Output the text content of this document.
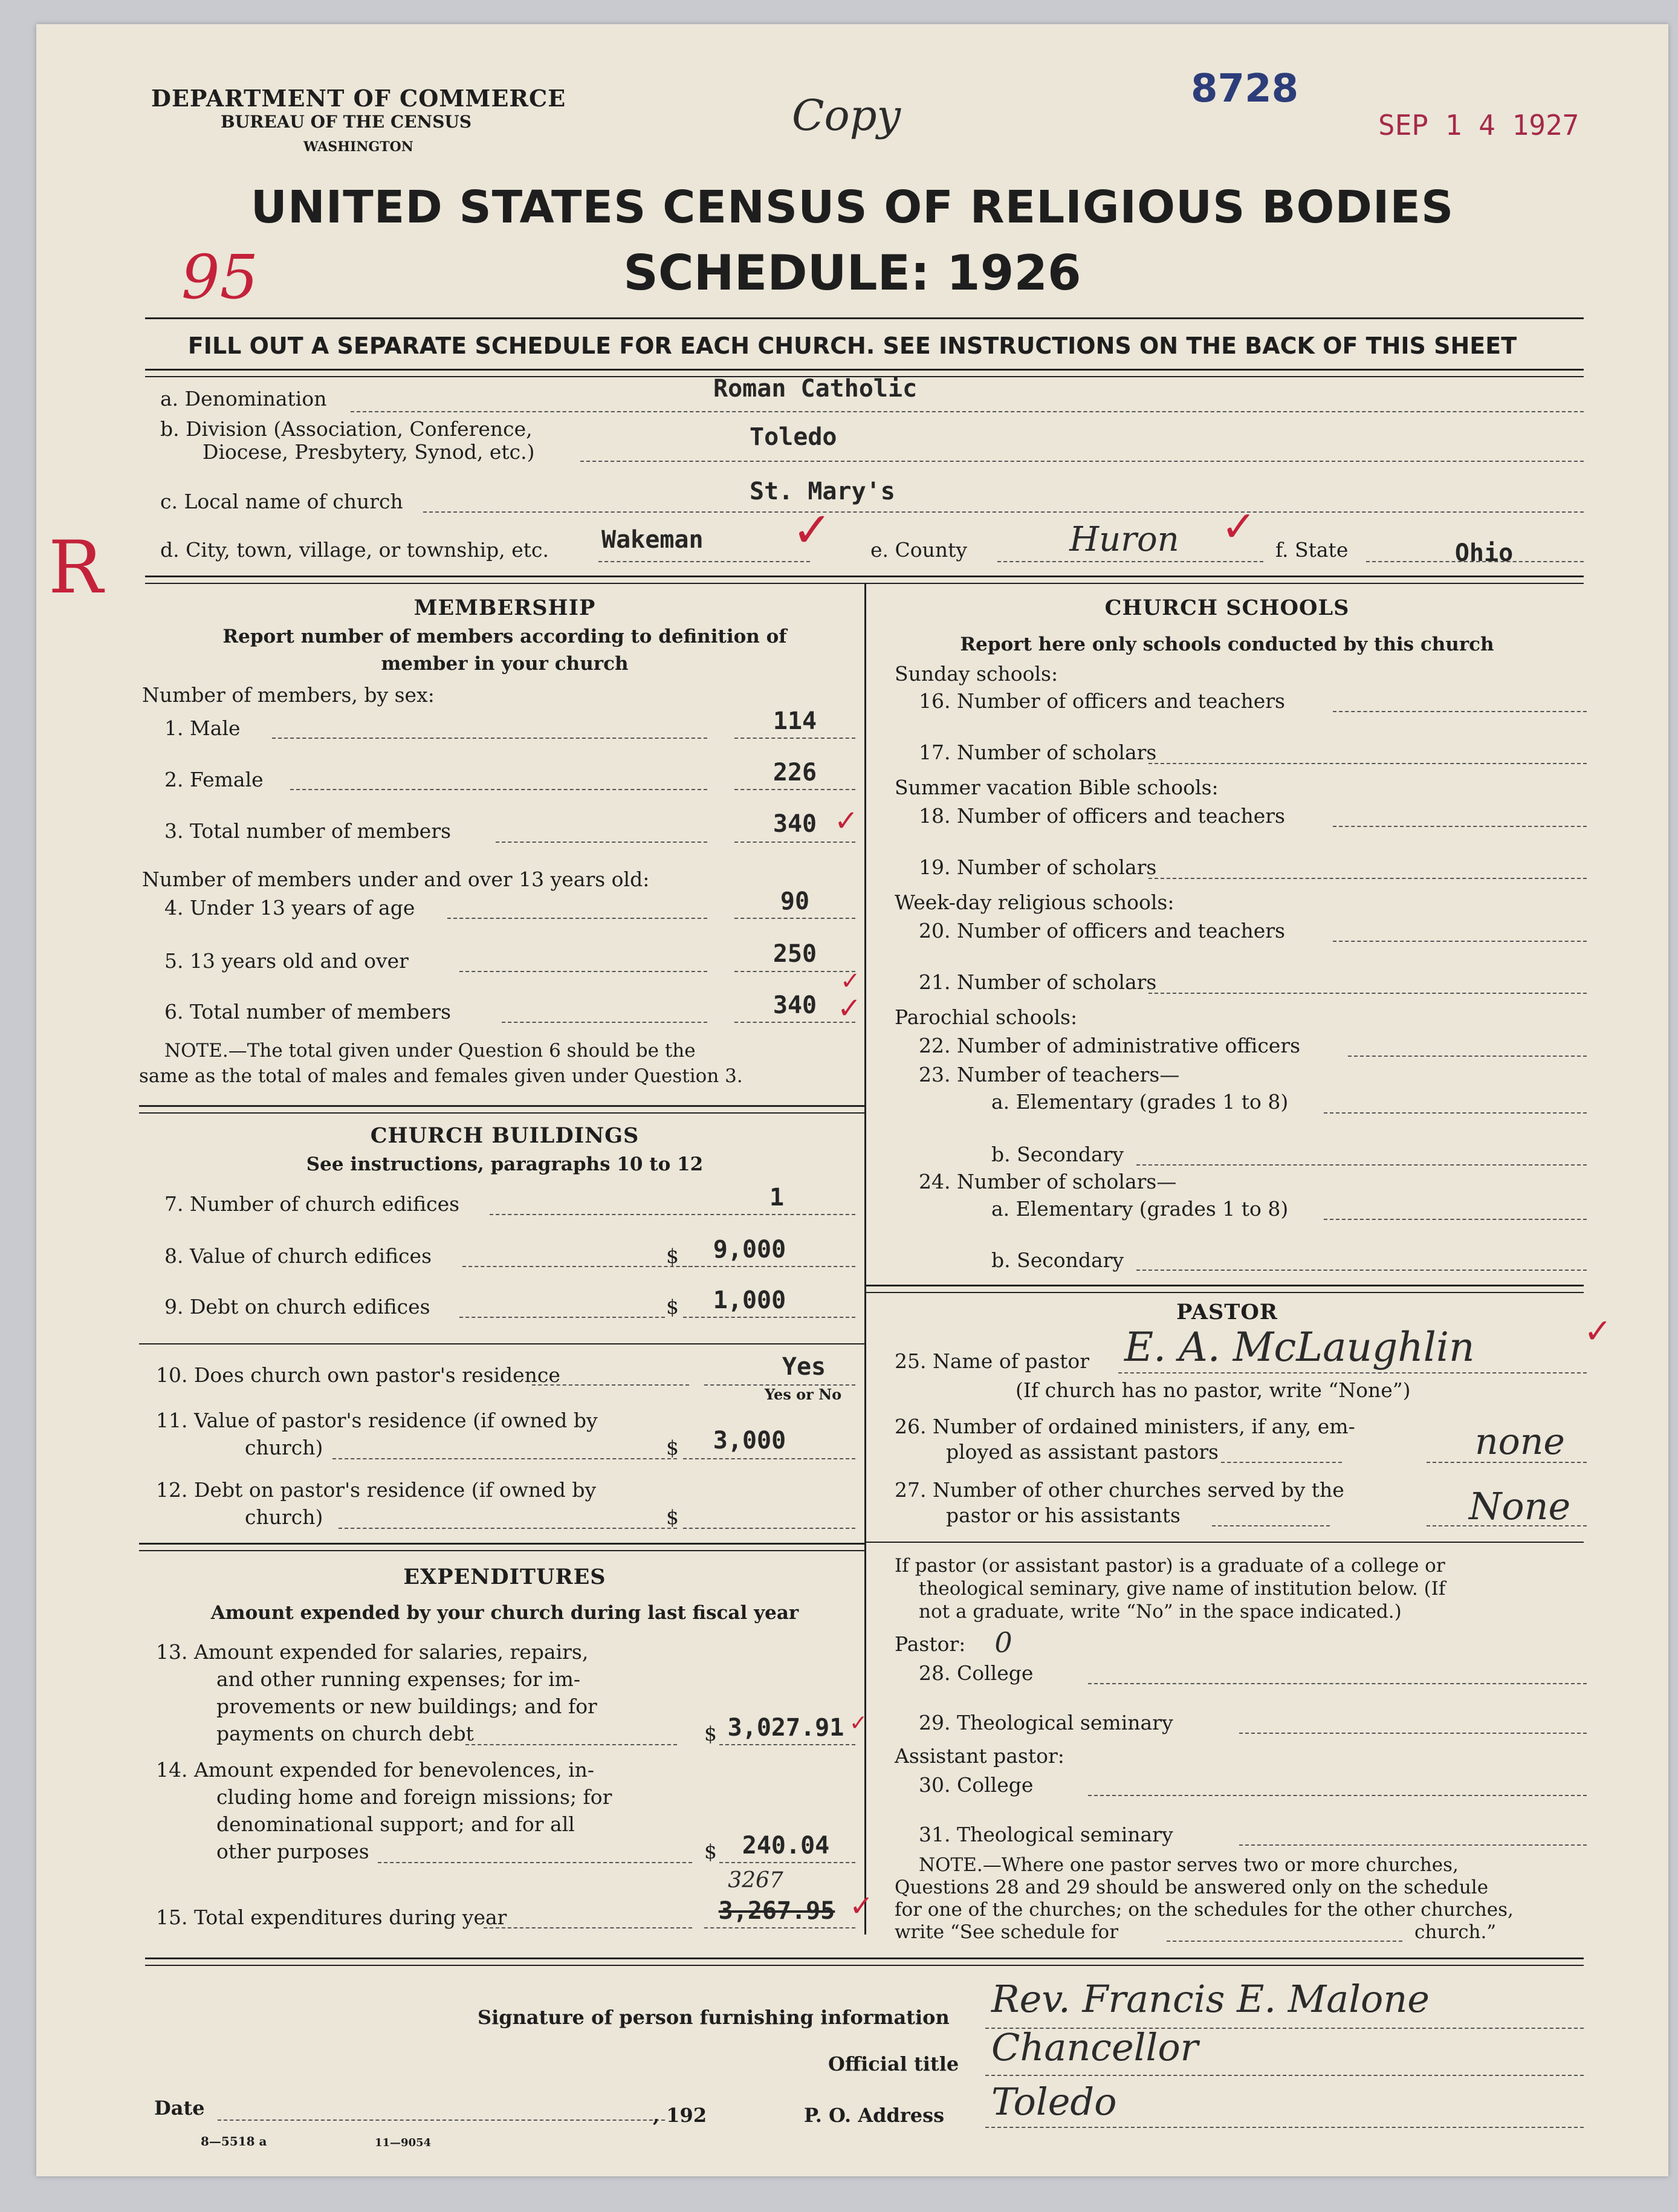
DEPARTMENT OF COMMERCE
BUREAU OF THE CENSUS
WASHINGTON
Copy
8728
SEP 1 4 1927
95
R
UNITED STATES CENSUS OF RELIGIOUS BODIES
SCHEDULE: 1926
FILL OUT A SEPARATE SCHEDULE FOR EACH CHURCH. SEE INSTRUCTIONS ON THE BACK OF THIS SHEET
a. Denomination	Roman Catholic
b. Division (Association, Conference,
Diocese, Presbytery, Synod, etc.)
Toledo
c. Local name of church	St. Mary's
d. City, town, village, or township, etc. Wakeman	✓ e. County	Huron ✓ f. State	Ohio
MEMBERSHIP
Report number of members according to definition of
member in your church
Number of members, by sex:
1. Male	114
2. Female	226
3. Total number of members	340 ✓
Number of members under and over 13 years old:
4. Under 13 years of age	90
5. 13 years old and over	250
6. Total number of members	340
✓
✓
NOTE.—The total given under Question 6 should be the
same as the total of males and females given under Question 3.
CHURCH BUILDINGS
See instructions, paragraphs 10 to 12
7. Number of church edifices	1
8. Value of church edifices	$	9,000
9. Debt on church edifices	$	1,000
10. Does church own pastor's residence	Yes
Yes or No
11. Value of pastor's residence (if owned by
church)	$	3,000
12. Debt on pastor's residence (if owned by
church)	$
EXPENDITURES
Amount expended by your church during last fiscal year
13. Amount expended for salaries, repairs,
and other running expenses; for im-
provements or new buildings; and for
payments on church debt	$ 3,027.91 ✓
14. Amount expended for benevolences, in-
cluding home and foreign missions; for
denominational support; and for all
other purposes	$	240.04
3267
15. Total expenditures during year	3,267.95 ✓
CHURCH SCHOOLS
Report here only schools conducted by this church
Sunday schools:
16. Number of officers and teachers
17. Number of scholars
Summer vacation Bible schools:
18. Number of officers and teachers
19. Number of scholars
Week-day religious schools:
20. Number of officers and teachers
21. Number of scholars
Parochial schools:
22. Number of administrative officers
23. Number of teachers—
a. Elementary (grades 1 to 8)
b. Secondary
24. Number of scholars—
a. Elementary (grades 1 to 8)
b. Secondary
PASTOR	✓
25. Name of pastor E. A. McLaughlin
(If church has no pastor, write “None”)
26. Number of ordained ministers, if any, em-
ployed as assistant pastors	none
27. Number of other churches served by the
pastor or his assistants	None
If pastor (or assistant pastor) is a graduate of a college or
theological seminary, give name of institution below. (If
not a graduate, write “No” in the space indicated.)
Pastor:	0
28. College
29. Theological seminary
Assistant pastor:
30. College
31. Theological seminary
NOTE.—Where one pastor serves two or more churches,
Questions 28 and 29 should be answered only on the schedule
for one of the churches; on the schedules for the other churches,
write “See schedule for	church.”
Signature of person furnishing information Rev. Francis E. Malone
Official title Chancellor
Date	, 192	P. O. Address Toledo
8—5518 a	11—9054
